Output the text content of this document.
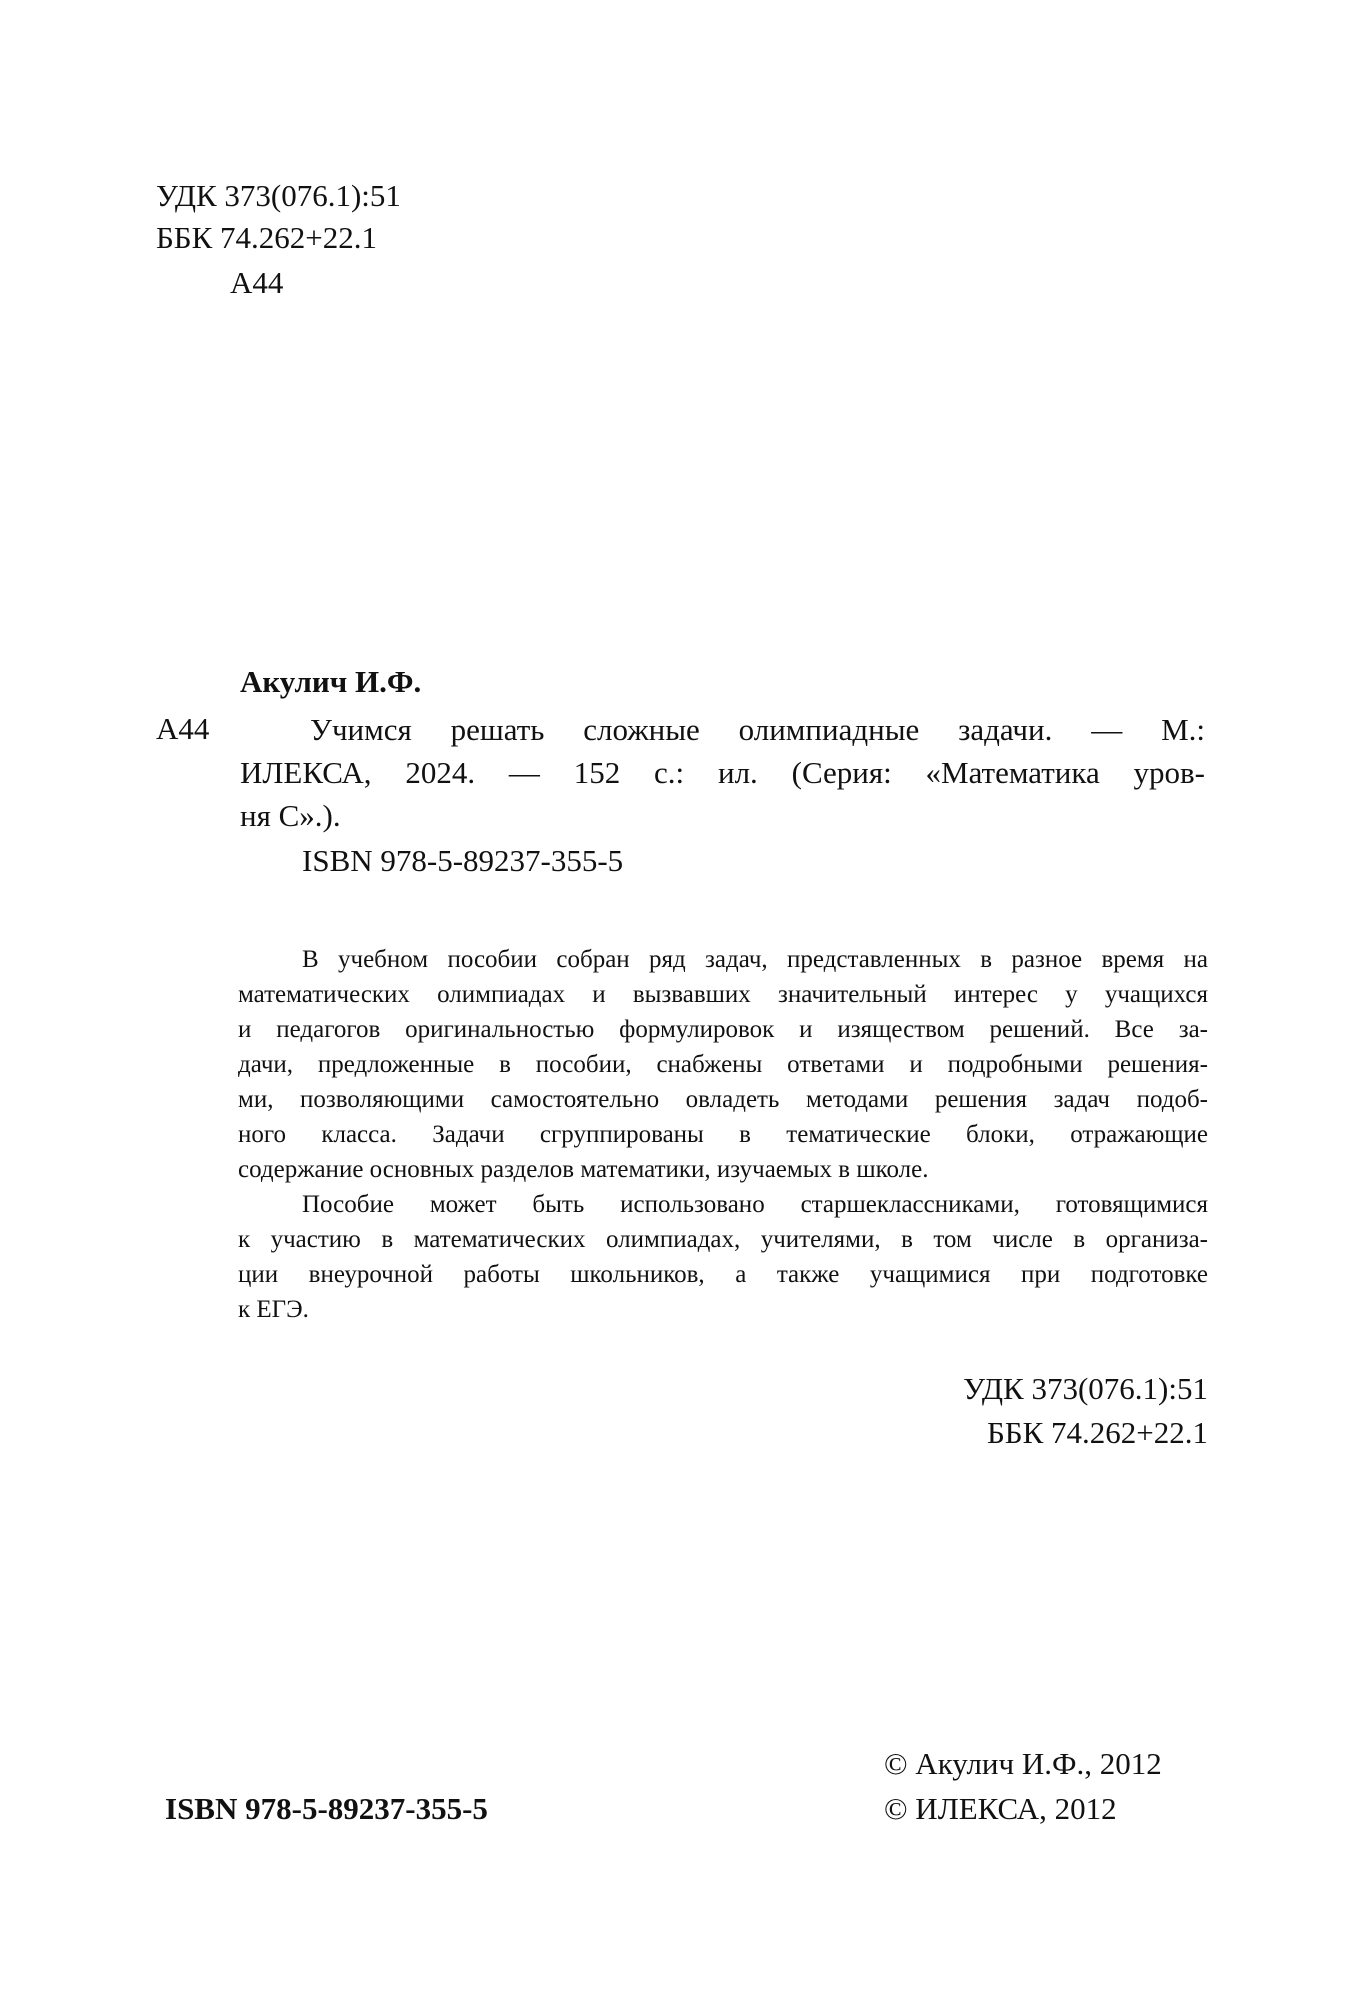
УДК 373(076.1):51
ББК 74.262+22.1
А44
Акулич И.Ф.
А44	Учимся решать сложные олимпиадные задачи. — М.:
ИЛЕКСА, 2024. — 152 с.: ил. (Серия: «Математика уров-
ня С».).
ISBN 978-5-89237-355-5
В учебном пособии собран ряд задач, представленных в разное время на
математических олимпиадах и вызвавших значительный интерес у учащихся
и педагогов оригинальностью формулировок и изяществом решений. Все за-
дачи, предложенные в пособии, снабжены ответами и подробными решения-
ми, позволяющими самостоятельно овладеть методами решения задач подоб-
ного класса. Задачи сгруппированы в тематические блоки, отражающие
содержание основных разделов математики, изучаемых в школе.
Пособие может быть использовано старшеклассниками, готовящимися
к участию в математических олимпиадах, учителями, в том числе в организа-
ции внеурочной работы школьников, а также учащимися при подготовке
к ЕГЭ.
УДК 373(076.1):51
ББК 74.262+22.1
© Акулич И.Ф., 2012
ISBN 978-5-89237-355-5	© ИЛЕКСА, 2012
